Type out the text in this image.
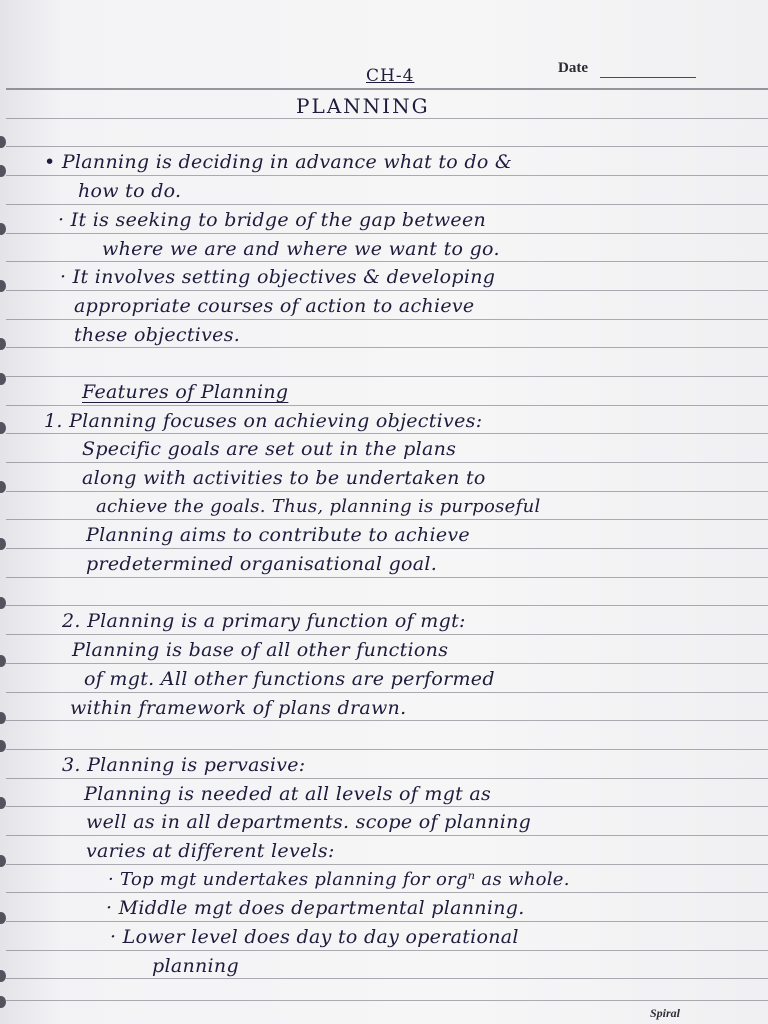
Date
CH-4
PLANNING
• Planning is deciding in advance what to do &
how to do.
· It is seeking to bridge of the gap between
where we are and where we want to go.
· It involves setting objectives & developing
appropriate courses of action to achieve
these objectives.
Features of Planning
1. Planning focuses on achieving objectives:
Specific goals are set out in the plans
along with activities to be undertaken to
achieve the goals. Thus, planning is purposeful
Planning aims to contribute to achieve
predetermined organisational goal.
2. Planning is a primary function of mgt:
Planning is base of all other functions
of mgt. All other functions are performed
within framework of plans drawn.
3. Planning is pervasive:
Planning is needed at all levels of mgt as
well as in all departments. scope of planning
varies at different levels:
· Top mgt undertakes planning for orgⁿ as whole.
· Middle mgt does departmental planning.
· Lower level does day to day operational
planning
Spiral
